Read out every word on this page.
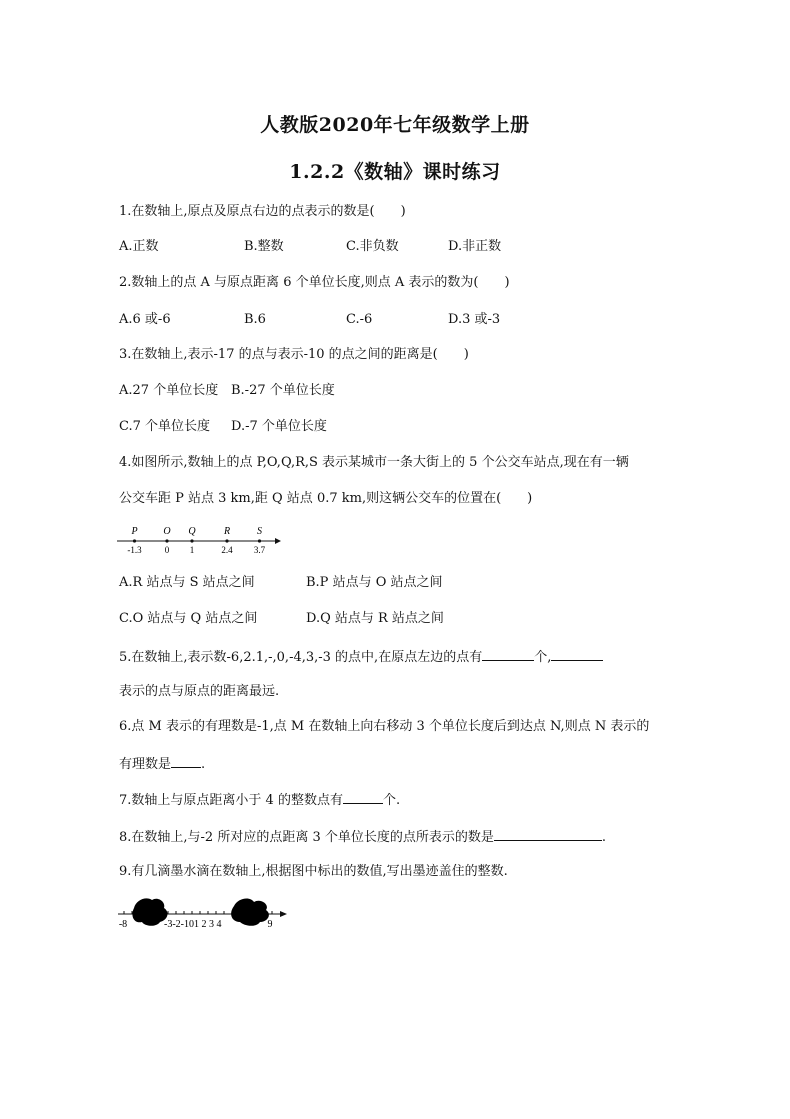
人教版2020年七年级数学上册
1.2.2《数轴》课时练习
1.在数轴上,原点及原点右边的点表示的数是(　　)
A.正数	B.整数	C.非负数	D.非正数
2.数轴上的点 A 与原点距离 6 个单位长度,则点 A 表示的数为(　　)
A.6 或-6	B.6	C.-6	D.3 或-3
3.在数轴上,表示-17 的点与表示-10 的点之间的距离是(　　)
A.27 个单位长度 B.-27 个单位长度
C.7 个单位长度 D.-7 个单位长度
4.如图所示,数轴上的点 P,O,Q,R,S 表示某城市一条大街上的 5 个公交车站点,现在有一辆
公交车距 P 站点 3 km,距 Q 站点 0.7 km,则这辆公交车的位置在(　　)
P
-1.3
O
0
Q
1
R
2.4
S
3.7
A.R 站点与 S 站点之间	B.P 站点与 O 站点之间
C.O 站点与 Q 站点之间	D.Q 站点与 R 站点之间
5.在数轴上,表示数-6,2.1,-,0,-4,3,-3 的点中,在原点左边的点有	个,
表示的点与原点的距离最远.
6.点 M 表示的有理数是-1,点 M 在数轴上向右移动 3 个单位长度后到达点 N,则点 N 表示的
有理数是 .
7.数轴上与原点距离小于 4 的整数点有	个.
8.在数轴上,与-2 所对应的点距离 3 个单位长度的点所表示的数是	.
9.有几滴墨水滴在数轴上,根据图中标出的数值,写出墨迹盖住的整数.
-8	-3-2-101 2 3 4	9
